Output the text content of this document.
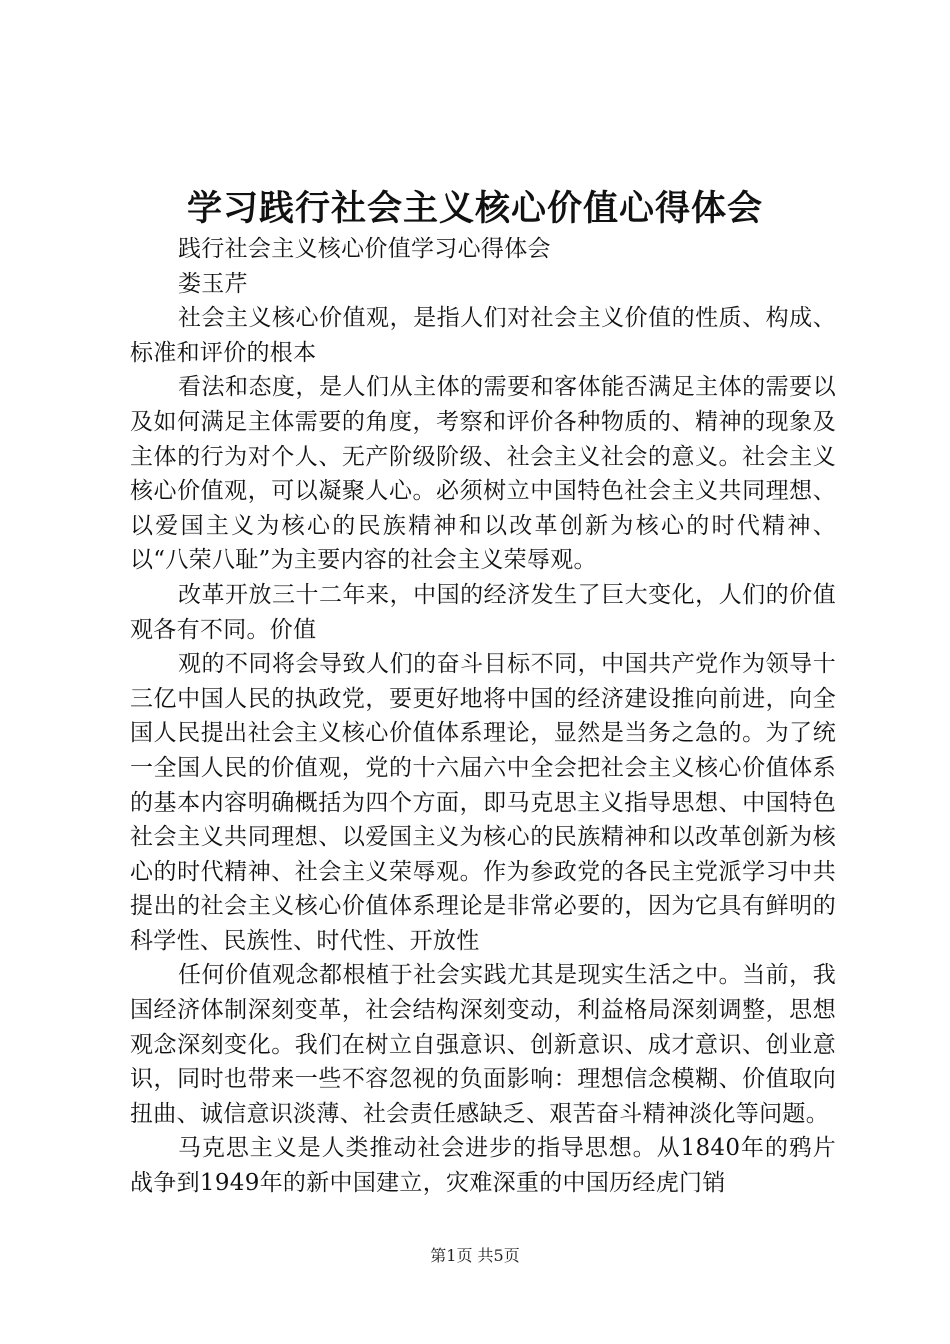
学习践行社会主义核心价值心得体会

践行社会主义核心价值学习心得体会

娄玉芹

社会主义核心价值观，是指人们对社会主义价值的性质、构成、标准和评价的根本

看法和态度，是人们从主体的需要和客体能否满足主体的需要以及如何满足主体需要的角度，考察和评价各种物质的、精神的现象及主体的行为对个人、无产阶级阶级、社会主义社会的意义。社会主义核心价值观，可以凝聚人心。必须树立中国特色社会主义共同理想、以爱国主义为核心的民族精神和以改革创新为核心的时代精神、以“八荣八耻”为主要内容的社会主义荣辱观。

改革开放三十二年来，中国的经济发生了巨大变化，人们的价值观各有不同。价值

观的不同将会导致人们的奋斗目标不同，中国共产党作为领导十三亿中国人民的执政党，要更好地将中国的经济建设推向前进，向全国人民提出社会主义核心价值体系理论，显然是当务之急的。为了统一全国人民的价值观，党的十六届六中全会把社会主义核心价值体系的基本内容明确概括为四个方面，即马克思主义指导思想、中国特色社会主义共同理想、以爱国主义为核心的民族精神和以改革创新为核心的时代精神、社会主义荣辱观。作为参政党的各民主党派学习中共提出的社会主义核心价值体系理论是非常必要的，因为它具有鲜明的科学性、民族性、时代性、开放性

任何价值观念都根植于社会实践尤其是现实生活之中。当前，我国经济体制深刻变革，社会结构深刻变动，利益格局深刻调整，思想观念深刻变化。我们在树立自强意识、创新意识、成才意识、创业意识，同时也带来一些不容忽视的负面影响：理想信念模糊、价值取向扭曲、诚信意识淡薄、社会责任感缺乏、艰苦奋斗精神淡化等问题。

马克思主义是人类推动社会进步的指导思想。从1840年的鸦片战争到1949年的新中国建立，灾难深重的中国历经虎门销

第1页 共5页
